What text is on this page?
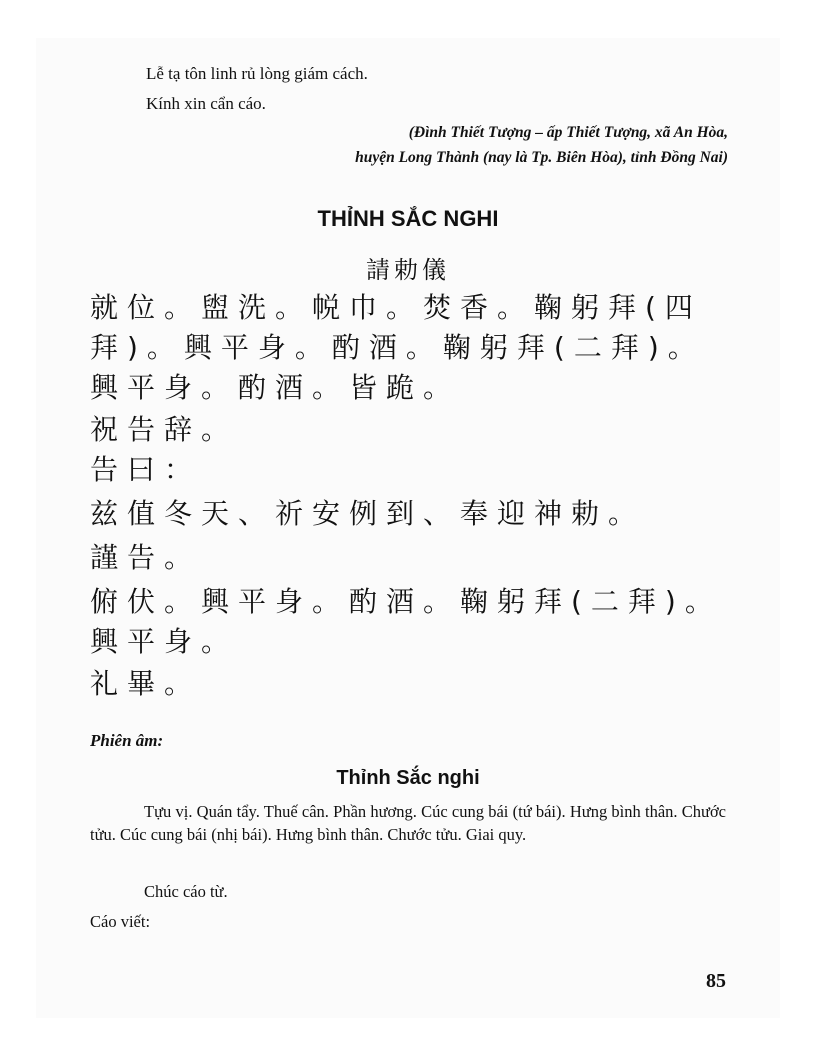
Lễ tạ tôn linh rủ lòng giám cách.
Kính xin cẩn cáo.
(Đình Thiết Tượng – ấp Thiết Tượng, xã An Hòa,
huyện Long Thành (nay là Tp. Biên Hòa), tỉnh Đồng Nai)
THỈNH SẮC NGHI
請勅儀
就位。盥洗。帨巾。焚香。鞠躬拜(四拜)。興平身。酌酒。鞠躬拜(二拜)。興平身。酌酒。皆跪。
祝告辞。
告曰：
兹值冬天、祈安例到、奉迎神勅。
謹告。
俯伏。興平身。酌酒。鞠躬拜(二拜)。興平身。
礼畢。
Phiên âm:
Thỉnh Sắc nghi
Tựu vị. Quán tẩy. Thuế cân. Phần hương. Cúc cung bái (tứ bái). Hưng bình thân. Chước tửu. Cúc cung bái (nhị bái). Hưng bình thân. Chước tửu. Giai quy.
Chúc cáo từ.
Cáo viết:
85
